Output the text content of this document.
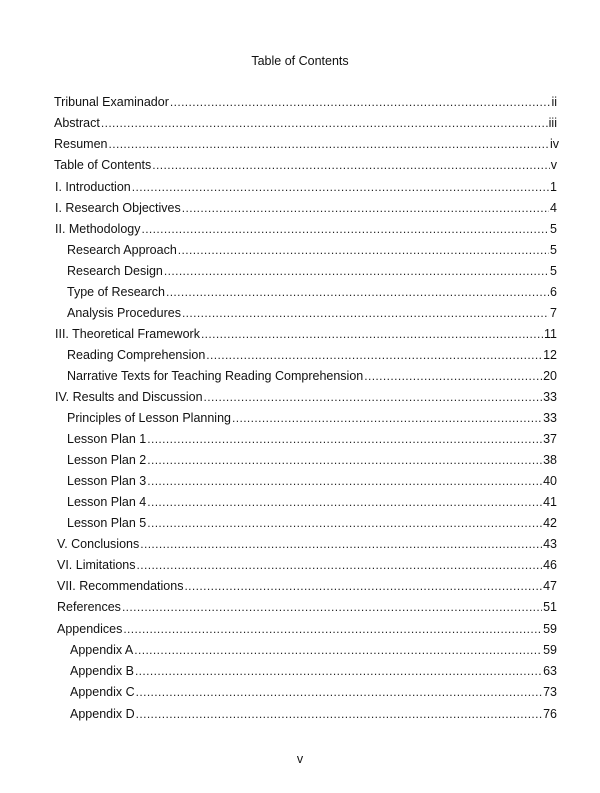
Table of Contents
Tribunal Examinador .....	ii
Abstract .....	iii
Resumen .....	iv
Table of Contents .....	v
I. Introduction .....	1
I. Research Objectives .....	4
II. Methodology .....	5
Research Approach .....	5
Research Design .....	5
Type of Research .....	6
Analysis Procedures .....	7
III. Theoretical Framework .....	11
Reading Comprehension .....	12
Narrative Texts for Teaching Reading Comprehension .....	20
IV. Results and Discussion .....	33
Principles of Lesson Planning .....	33
Lesson Plan 1 .....	37
Lesson Plan 2 .....	38
Lesson Plan 3 .....	40
Lesson Plan 4 .....	41
Lesson Plan 5 .....	42
V. Conclusions .....	43
VI. Limitations .....	46
VII. Recommendations .....	47
References .....	51
Appendices .....	59
Appendix A .....	59
Appendix B .....	63
Appendix C .....	73
Appendix D .....	76
v
